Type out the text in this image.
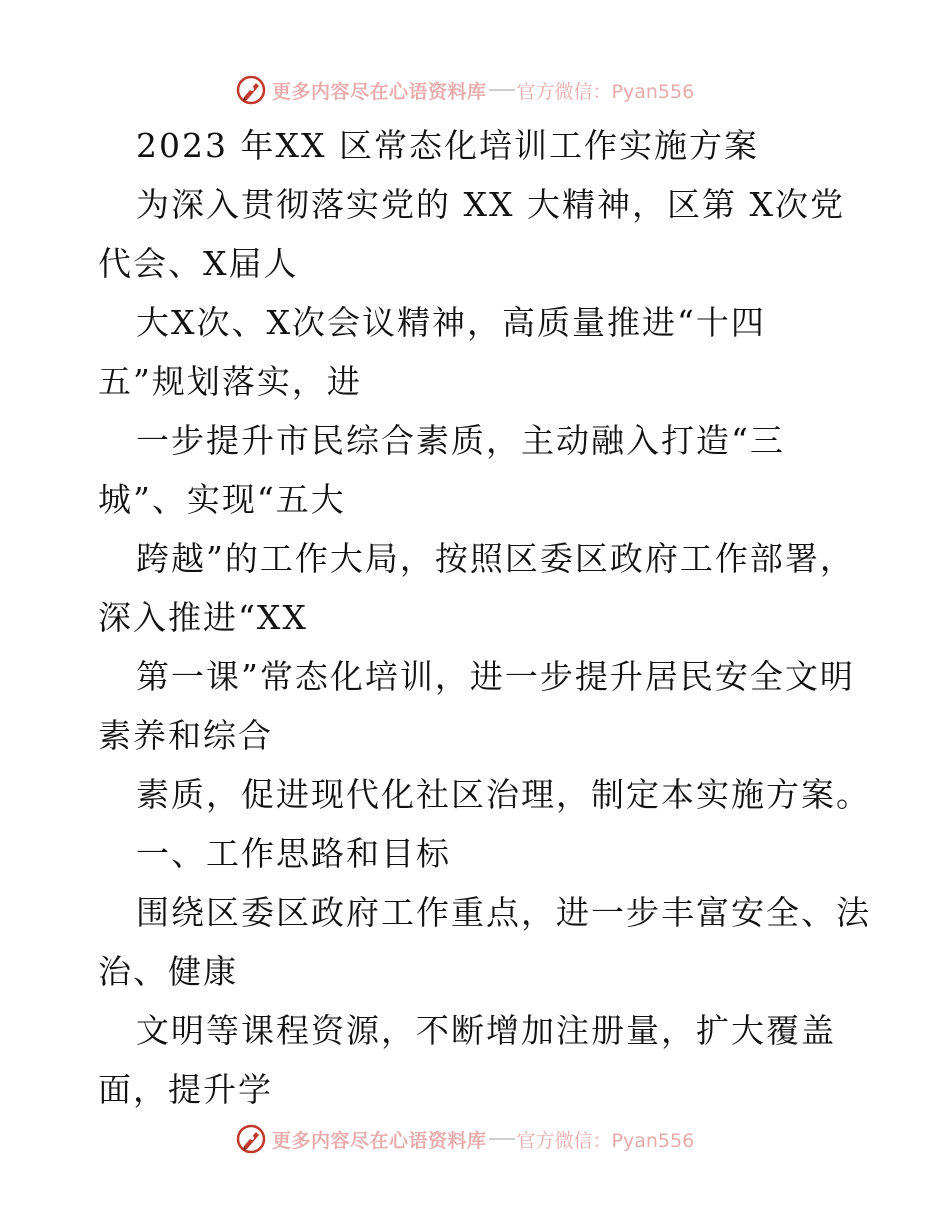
更多内容尽在心语资料库 官方微信：Pyan556
2023 年XX 区常态化培训工作实施方案
为深入贯彻落实党的 XX 大精神，区第 X次党
代会、X届人
大X次、X次会议精神，高质量推进“十四
五”规划落实，进
一步提升市民综合素质，主动融入打造“三
城”、实现“五大
跨越”的工作大局，按照区委区政府工作部署，
深入推进“XX
第一课”常态化培训，进一步提升居民安全文明
素养和综合
素质，促进现代化社区治理，制定本实施方案。
一、工作思路和目标
围绕区委区政府工作重点，进一步丰富安全、法
治、健康
文明等课程资源，不断增加注册量，扩大覆盖
面，提升学
更多内容尽在心语资料库 官方微信：Pyan556
